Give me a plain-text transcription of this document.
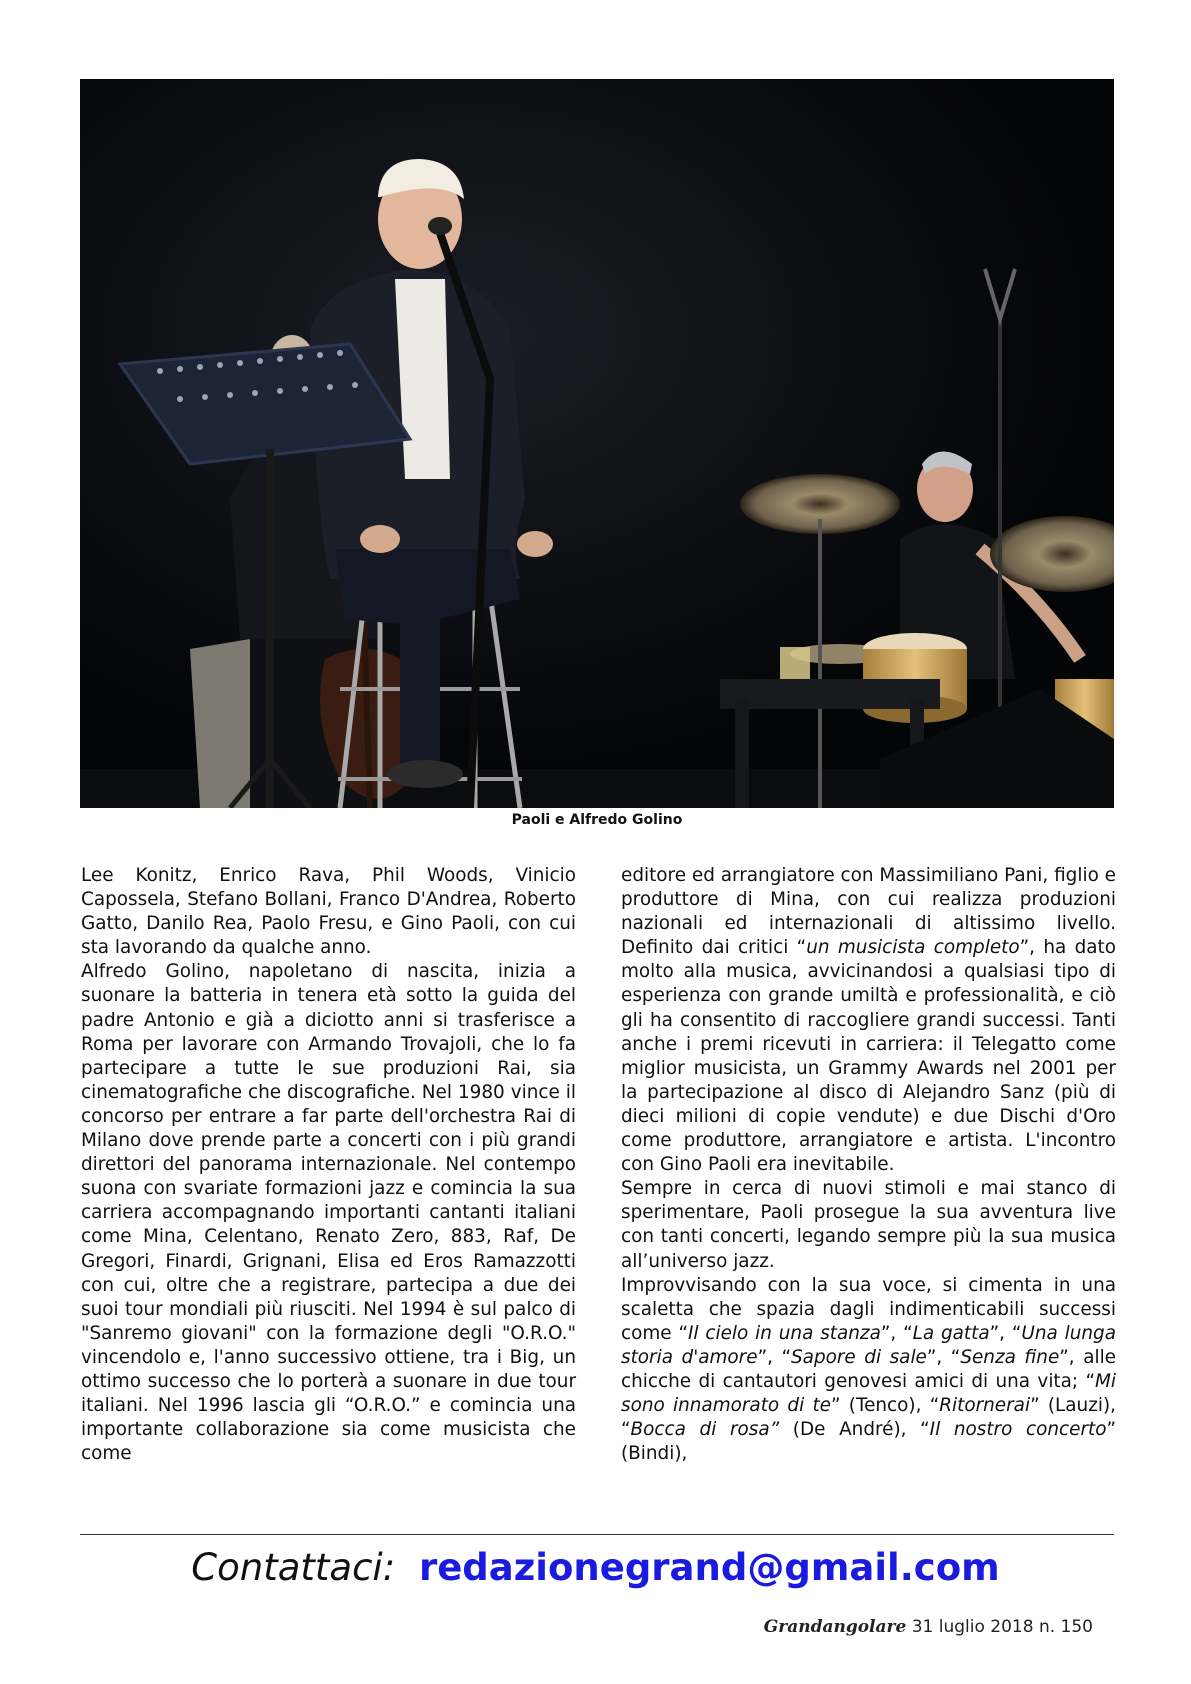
Paoli e Alfredo Golino

Lee Konitz, Enrico Rava, Phil Woods, Vinicio Capossela, Stefano Bollani, Franco D'Andrea, Roberto Gatto, Danilo Rea, Paolo Fresu, e Gino Paoli, con cui sta lavorando da qualche anno.

Alfredo Golino, napoletano di nascita, inizia a suonare la batteria in tenera età sotto la guida del padre Antonio e già a diciotto anni si trasferisce a Roma per lavorare con Armando Trovajoli, che lo fa partecipare a tutte le sue produzioni Rai, sia cinematografiche che discografiche. Nel 1980 vince il concorso per entrare a far parte dell'orchestra Rai di Milano dove prende parte a concerti con i più grandi direttori del panorama internazionale. Nel contempo suona con svariate formazioni jazz e comincia la sua carriera accompagnando importanti cantanti italiani come Mina, Celentano, Renato Zero, 883, Raf, De Gregori, Finardi, Grignani, Elisa ed Eros Ramazzotti con cui, oltre che a registrare, partecipa a due dei suoi tour mondiali più riusciti. Nel 1994 è sul palco di "Sanremo giovani" con la formazione degli "O.R.O." vincendolo e, l'anno successivo ottiene, tra i Big, un ottimo successo che lo porterà a suonare in due tour italiani. Nel 1996 lascia gli “O.R.O.” e comincia una importante collaborazione sia come musicista che come

editore ed arrangiatore con Massimiliano Pani, figlio e produttore di Mina, con cui realizza produzioni nazionali ed internazionali di altissimo livello. Definito dai critici “un musicista completo”, ha dato molto alla musica, avvicinandosi a qualsiasi tipo di esperienza con grande umiltà e professionalità, e ciò gli ha consentito di raccogliere grandi successi. Tanti anche i premi ricevuti in carriera: il Telegatto come miglior musicista, un Grammy Awards nel 2001 per la partecipazione al disco di Alejandro Sanz (più di dieci milioni di copie vendute) e due Dischi d'Oro come produttore, arrangiatore e artista. L'incontro con Gino Paoli era inevitabile.

Sempre in cerca di nuovi stimoli e mai stanco di sperimentare, Paoli prosegue la sua avventura live con tanti concerti, legando sempre più la sua musica all’universo jazz.

Improvvisando con la sua voce, si cimenta in una scaletta che spazia dagli indimenticabili successi come “Il cielo in una stanza”, “La gatta”, “Una lunga storia d'amore”, “Sapore di sale”, “Senza fine”, alle chicche di cantautori genovesi amici di una vita; “Mi sono innamorato di te” (Tenco), “Ritornerai” (Lauzi), “Bocca di rosa” (De André), “Il nostro concerto” (Bindi),

Contattaci: redazionegrand@gmail.com
Grandangolare 31 luglio 2018 n. 150
